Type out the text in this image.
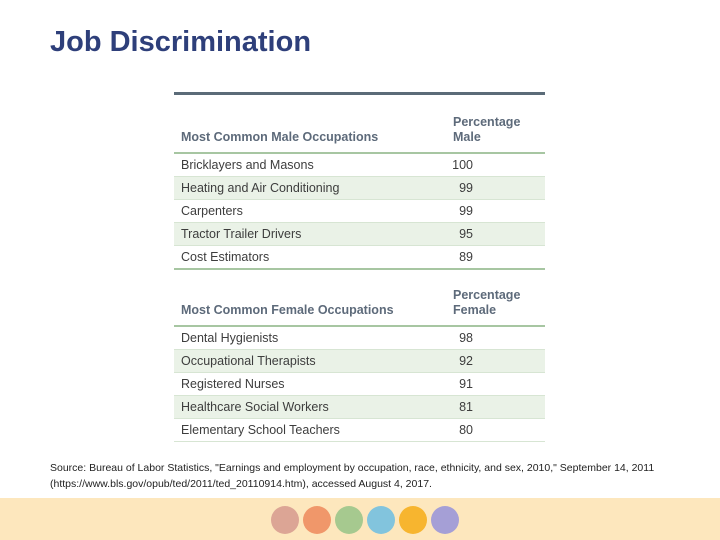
Job Discrimination
Most Common Male Occupations	Percentage
Male
Bricklayers and Masons	100
Heating and Air Conditioning	99
Carpenters	99
Tractor Trailer Drivers	95
Cost Estimators	89
Most Common Female Occupations	Percentage
Female
Dental Hygienists	98
Occupational Therapists	92
Registered Nurses	91
Healthcare Social Workers	81
Elementary School Teachers	80
Source: Bureau of Labor Statistics, "Earnings and employment by occupation, race, ethnicity, and sex, 2010," September 14, 2011 (https://www.bls.gov/opub/ted/2011/ted_20110914.htm), accessed August 4, 2017.
